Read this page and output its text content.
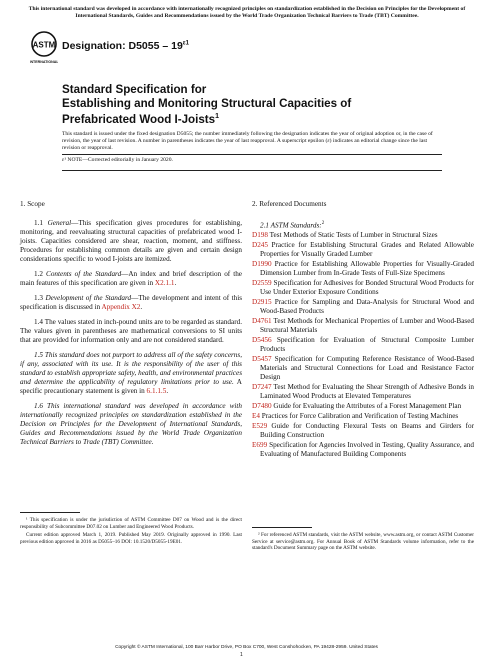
This international standard was developed in accordance with internationally recognized principles on standardization established in the Decision on Principles for the Development of International Standards, Guides and Recommendations issued by the World Trade Organization Technical Barriers to Trade (TBT) Committee.
ASTM
INTERNATIONAL
Designation: $D5055 - 19^{\varepsilon 1}$
Standard Specification for
Establishing and Monitoring Structural Capacities of
Prefabricated Wood I-Joists$^1$
This standard is issued under the fixed designation D5055; the number immediately following the designation indicates the year of original adoption or, in the case of revision, the year of last revision. A number in parentheses indicates the year of last reapproval. A superscript epsilon (ε) indicates an editorial change since the last revision or reapproval.
ε¹ NOTE—Corrected editorially in January 2020.
1. Scope

1.1 General—This specification gives procedures for establishing, monitoring, and reevaluating structural capacities of prefabricated wood I-joists. Capacities considered are shear, reaction, moment, and stiffness. Procedures for establishing common details are given and certain design considerations specific to wood I-joists are itemized.

1.2 Contents of the Standard—An index and brief description of the main features of this specification are given in X2.1.1.

1.3 Development of the Standard—The development and intent of this specification is discussed in Appendix X2.

1.4 The values stated in inch-pound units are to be regarded as standard. The values given in parentheses are mathematical conversions to SI units that are provided for information only and are not considered standard.

1.5 This standard does not purport to address all of the safety concerns, if any, associated with its use. It is the responsibility of the user of this standard to establish appropriate safety, health, and environmental practices and determine the applicability of regulatory limitations prior to use. A specific precautionary statement is given in 6.1.1.5.

1.6 This international standard was developed in accordance with internationally recognized principles on standardization established in the Decision on Principles for the Development of International Standards, Guides and Recommendations issued by the World Trade Organization Technical Barriers to Trade (TBT) Committee.

2. Referenced Documents
2.1 ASTM Standards:$^2$

D198 Test Methods of Static Tests of Lumber in Structural Sizes

D245 Practice for Establishing Structural Grades and Related Allowable Properties for Visually Graded Lumber

D1990 Practice for Establishing Allowable Properties for Visually-Graded Dimension Lumber from In-Grade Tests of Full-Size Specimens

D2559 Specification for Adhesives for Bonded Structural Wood Products for Use Under Exterior Exposure Conditions

D2915 Practice for Sampling and Data-Analysis for Structural Wood and Wood-Based Products

D4761 Test Methods for Mechanical Properties of Lumber and Wood-Based Structural Materials

D5456 Specification for Evaluation of Structural Composite Lumber Products

D5457 Specification for Computing Reference Resistance of Wood-Based Materials and Structural Connections for Load and Resistance Factor Design

D7247 Test Method for Evaluating the Shear Strength of Adhesive Bonds in Laminated Wood Products at Elevated Temperatures

D7480 Guide for Evaluating the Attributes of a Forest Management Plan

E4 Practices for Force Calibration and Verification of Testing Machines

E529 Guide for Conducting Flexural Tests on Beams and Girders for Building Construction

E699 Specification for Agencies Involved in Testing, Quality Assurance, and Evaluating of Manufactured Building Components

¹ This specification is under the jurisdiction of ASTM Committee D07 on Wood and is the direct responsibility of Subcommittee D07.02 on Lumber and Engineered Wood Products.

Current edition approved March 1, 2019. Published May 2019. Originally approved in 1990. Last previous edition approved in 2016 as D5055–16 DOI: 10.1520/D5055-19E01.

² For referenced ASTM standards, visit the ASTM website, www.astm.org, or contact ASTM Customer Service at service@astm.org. For Annual Book of ASTM Standards volume information, refer to the standard's Document Summary page on the ASTM website.

Copyright © ASTM International, 100 Barr Harbor Drive, PO Box C700, West Conshohocken, PA 19428-2959. United States
1
